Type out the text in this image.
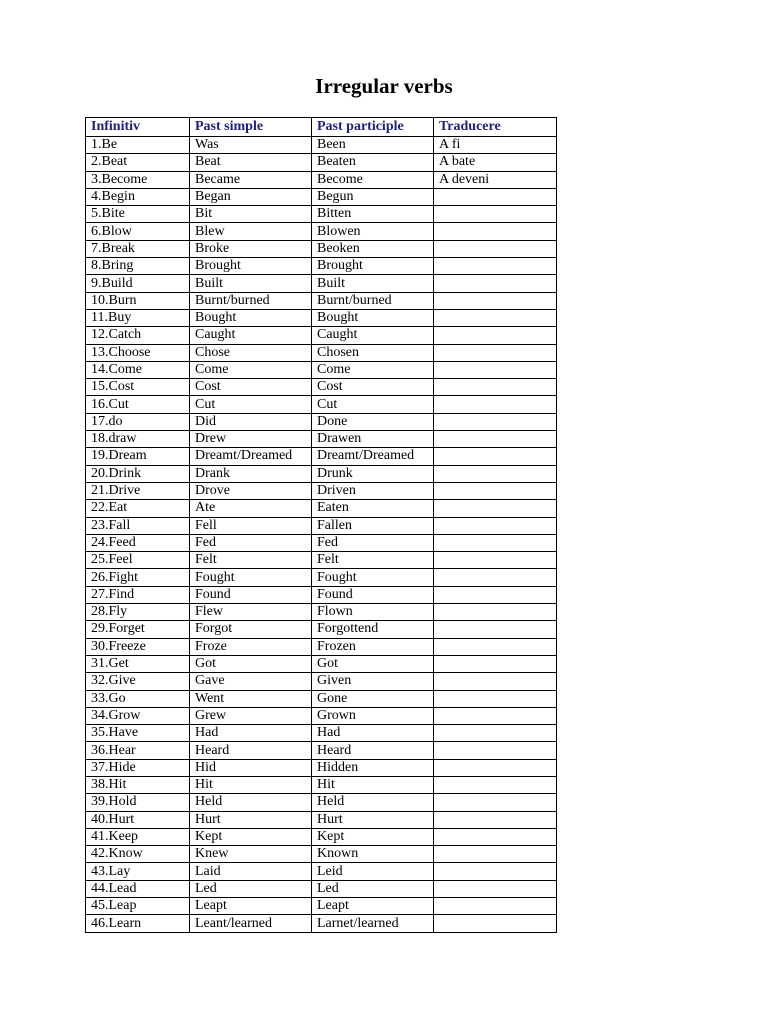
Irregular verbs
Infinitiv	Past simple	Past participle	Traducere
1.Be	Was	Been	A fi
2.Beat	Beat	Beaten	A bate
3.Become	Became	Become	A deveni
4.Begin	Began	Begun	
5.Bite	Bit	Bitten	
6.Blow	Blew	Blowen	
7.Break	Broke	Beoken	
8.Bring	Brought	Brought	
9.Build	Built	Built	
10.Burn	Burnt/burned	Burnt/burned	
11.Buy	Bought	Bought	
12.Catch	Caught	Caught	
13.Choose	Chose	Chosen	
14.Come	Come	Come	
15.Cost	Cost	Cost	
16.Cut	Cut	Cut	
17.do	Did	Done	
18.draw	Drew	Drawen	
19.Dream	Dreamt/Dreamed	Dreamt/Dreamed	
20.Drink	Drank	Drunk	
21.Drive	Drove	Driven	
22.Eat	Ate	Eaten	
23.Fall	Fell	Fallen	
24.Feed	Fed	Fed	
25.Feel	Felt	Felt	
26.Fight	Fought	Fought	
27.Find	Found	Found	
28.Fly	Flew	Flown	
29.Forget	Forgot	Forgottend	
30.Freeze	Froze	Frozen	
31.Get	Got	Got	
32.Give	Gave	Given	
33.Go	Went	Gone	
34.Grow	Grew	Grown	
35.Have	Had	Had	
36.Hear	Heard	Heard	
37.Hide	Hid	Hidden	
38.Hit	Hit	Hit	
39.Hold	Held	Held	
40.Hurt	Hurt	Hurt	
41.Keep	Kept	Kept	
42.Know	Knew	Known	
43.Lay	Laid	Leid	
44.Lead	Led	Led	
45.Leap	Leapt	Leapt	
46.Learn	Leant/learned	Larnet/learned	
